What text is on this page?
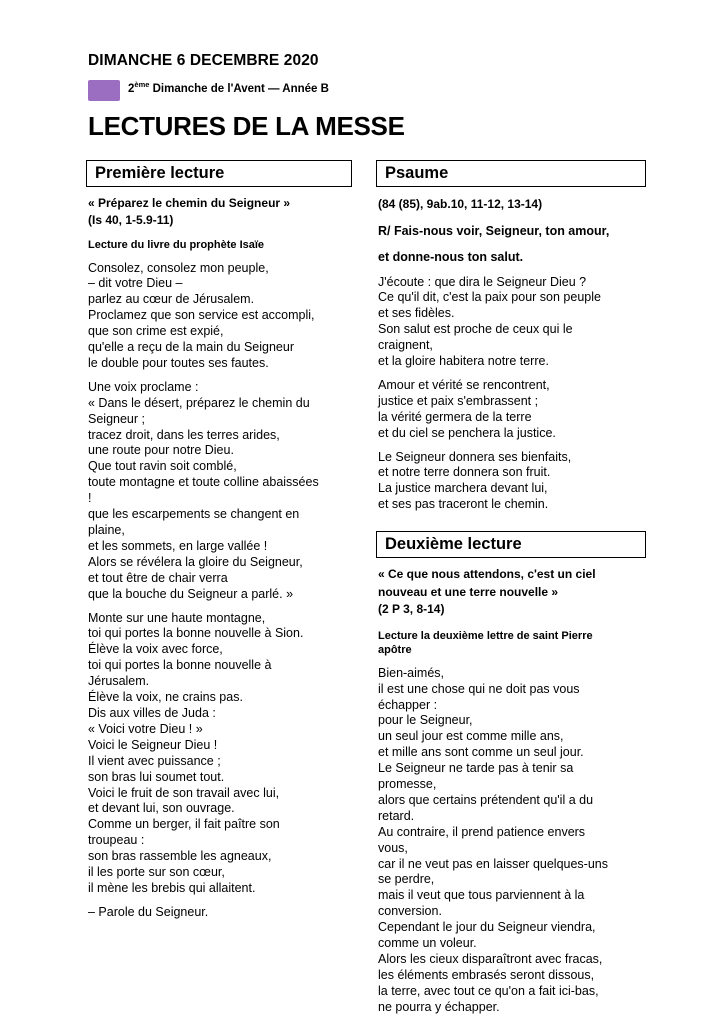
DIMANCHE 6 DECEMBRE 2020
2ème Dimanche de l'Avent — Année B
LECTURES DE LA MESSE
Première lecture
« Préparez le chemin du Seigneur »
(Is 40, 1-5.9-11)
Lecture du livre du prophète Isaïe
Consolez, consolez mon peuple,
– dit votre Dieu –
parlez au cœur de Jérusalem.
Proclamez que son service est accompli,
que son crime est expié,
qu'elle a reçu de la main du Seigneur
le double pour toutes ses fautes.
Une voix proclame :
« Dans le désert, préparez le chemin du
Seigneur ;
tracez droit, dans les terres arides,
une route pour notre Dieu.
Que tout ravin soit comblé,
toute montagne et toute colline abaissées
!
que les escarpements se changent en
plaine,
et les sommets, en large vallée !
Alors se révélera la gloire du Seigneur,
et tout être de chair verra
que la bouche du Seigneur a parlé. »
Monte sur une haute montagne,
toi qui portes la bonne nouvelle à Sion.
Élève la voix avec force,
toi qui portes la bonne nouvelle à
Jérusalem.
Élève la voix, ne crains pas.
Dis aux villes de Juda :
« Voici votre Dieu ! »
Voici le Seigneur Dieu !
Il vient avec puissance ;
son bras lui soumet tout.
Voici le fruit de son travail avec lui,
et devant lui, son ouvrage.
Comme un berger, il fait paître son
troupeau :
son bras rassemble les agneaux,
il les porte sur son cœur,
il mène les brebis qui allaitent.
– Parole du Seigneur.
Psaume
(84 (85), 9ab.10, 11-12, 13-14)
R/ Fais-nous voir, Seigneur, ton amour,
et donne-nous ton salut.
J'écoute : que dira le Seigneur Dieu ?
Ce qu'il dit, c'est la paix pour son peuple
et ses fidèles.
Son salut est proche de ceux qui le
craignent,
et la gloire habitera notre terre.
Amour et vérité se rencontrent,
justice et paix s'embrassent ;
la vérité germera de la terre
et du ciel se penchera la justice.
Le Seigneur donnera ses bienfaits,
et notre terre donnera son fruit.
La justice marchera devant lui,
et ses pas traceront le chemin.
Deuxième lecture
« Ce que nous attendons, c'est un ciel
nouveau et une terre nouvelle »
(2 P 3, 8-14)
Lecture la deuxième lettre de saint Pierre
apôtre
Bien-aimés,
il est une chose qui ne doit pas vous
échapper :
pour le Seigneur,
un seul jour est comme mille ans,
et mille ans sont comme un seul jour.
Le Seigneur ne tarde pas à tenir sa
promesse,
alors que certains prétendent qu'il a du
retard.
Au contraire, il prend patience envers
vous,
car il ne veut pas en laisser quelques-uns
se perdre,
mais il veut que tous parviennent à la
conversion.
Cependant le jour du Seigneur viendra,
comme un voleur.
Alors les cieux disparaîtront avec fracas,
les éléments embrasés seront dissous,
la terre, avec tout ce qu'on a fait ici-bas,
ne pourra y échapper.
